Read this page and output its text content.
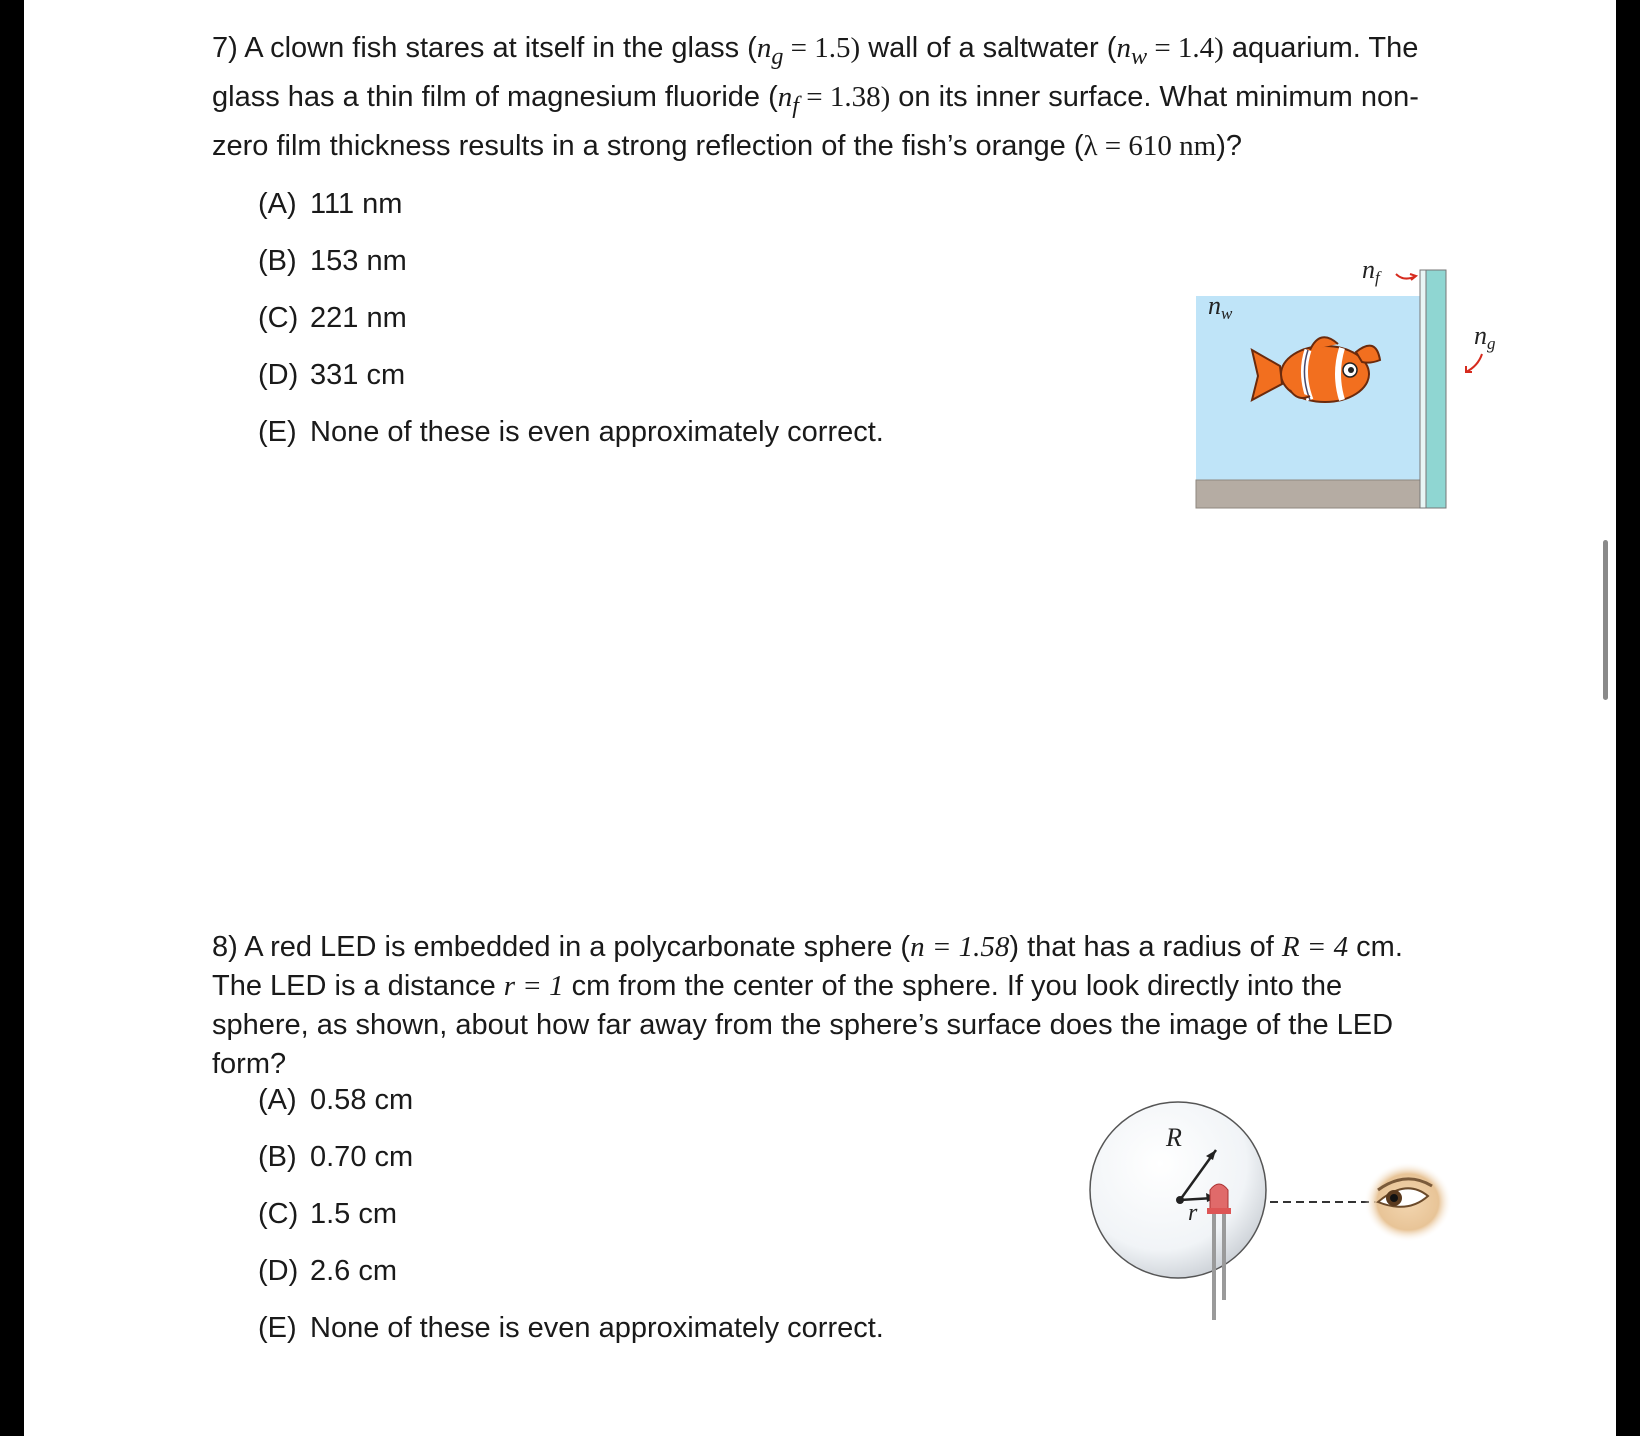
7) A clown fish stares at itself in the glass $(n_g = 1.5)$ wall of a saltwater $(n_w = 1.4)$ aquarium. The glass has a thin film of magnesium fluoride $(n_f = 1.38)$ on its inner surface. What minimum non-zero film thickness results in a strong reflection of the fish’s orange (λ = 610 nm)?
(A) 111 nm
(B) 153 nm
(C) 221 nm
(D) 331 cm
(E) None of these is even approximately correct.
nw
nf
ng
8) A red LED is embedded in a polycarbonate sphere (n = 1.58) that has a radius of R = 4 cm. The LED is a distance r = 1 cm from the center of the sphere. If you look directly into the sphere, as shown, about how far away from the sphere’s surface does the image of the LED form?
(A) 0.58 cm
(B) 0.70 cm
(C) 1.5 cm
(D) 2.6 cm
(E) None of these is even approximately correct.
R
r
